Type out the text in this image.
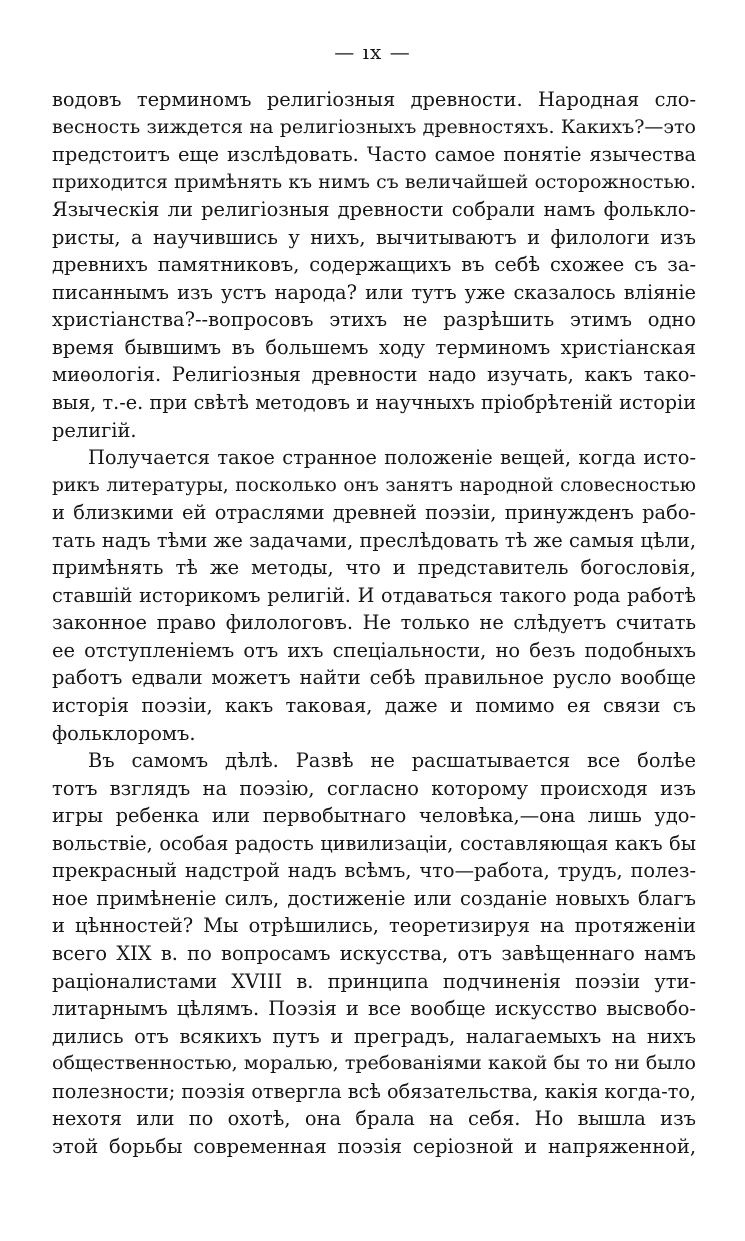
— ıx —
водовъ терминомъ религіозныя древности. Народная сло-
весность зиждется на религіозныхъ древностяхъ. Какихъ?—это
предстоитъ еще изслѣдовать. Часто самое понятіе язычества
приходится примѣнять къ нимъ съ величайшей осторожностью.
Языческія ли религіозныя древности собрали намъ фолькло-
ристы, а научившись у нихъ, вычитываютъ и филологи изъ
древнихъ памятниковъ, содержащихъ въ себѣ схожее съ за-
писаннымъ изъ устъ народа? или тутъ уже сказалось вліяніе
христіанства?--вопросовъ этихъ не разрѣшить этимъ одно
время бывшимъ въ большемъ ходу терминомъ христіанская
миѳологія. Религіозныя древности надо изучать, какъ тако-
выя, т.-е. при свѣтѣ методовъ и научныхъ пріобрѣтеній исторіи
религій.
Получается такое странное положеніе вещей, когда исто-
рикъ литературы, посколько онъ занятъ народной словесностью
и близкими ей отраслями древней поэзіи, принужденъ рабо-
тать надъ тѣми же задачами, преслѣдовать тѣ же самыя цѣли,
примѣнять тѣ же методы, что и представитель богословія,
ставшій историкомъ религій. И отдаваться такого рода работѣ
законное право филологовъ. Не только не слѣдуетъ считать
ее отступленіемъ отъ ихъ спеціальности, но безъ подобныхъ
работъ едвали можетъ найти себѣ правильное русло вообще
исторія поэзіи, какъ таковая, даже и помимо ея связи съ
фольклоромъ.
Въ самомъ дѣлѣ. Развѣ не расшатывается все болѣе
тотъ взглядъ на поэзію, согласно которому происходя изъ
игры ребенка или первобытнаго человѣка,—она лишь удо-
вольствіе, особая радость цивилизаціи, составляющая какъ бы
прекрасный надстрой надъ всѣмъ, что—работа, трудъ, полез-
ное примѣненіе силъ, достиженіе или созданіе новыхъ благъ
и цѣнностей? Мы отрѣшились, теоретизируя на протяженіи
всего XIX в. по вопросамъ искусства, отъ завѣщеннаго намъ
раціоналистами XVIII в. принципа подчиненія поэзіи ути-
литарнымъ цѣлямъ. Поэзія и все вообще искусство высвобо-
дились отъ всякихъ путъ и преградъ, налагаемыхъ на нихъ
общественностью, моралью, требованіями какой бы то ни было
полезности; поэзія отвергла всѣ обязательства, какія когда-то,
нехотя или по охотѣ, она брала на себя. Но вышла изъ
этой борьбы современная поэзія серіозной и напряженной,
